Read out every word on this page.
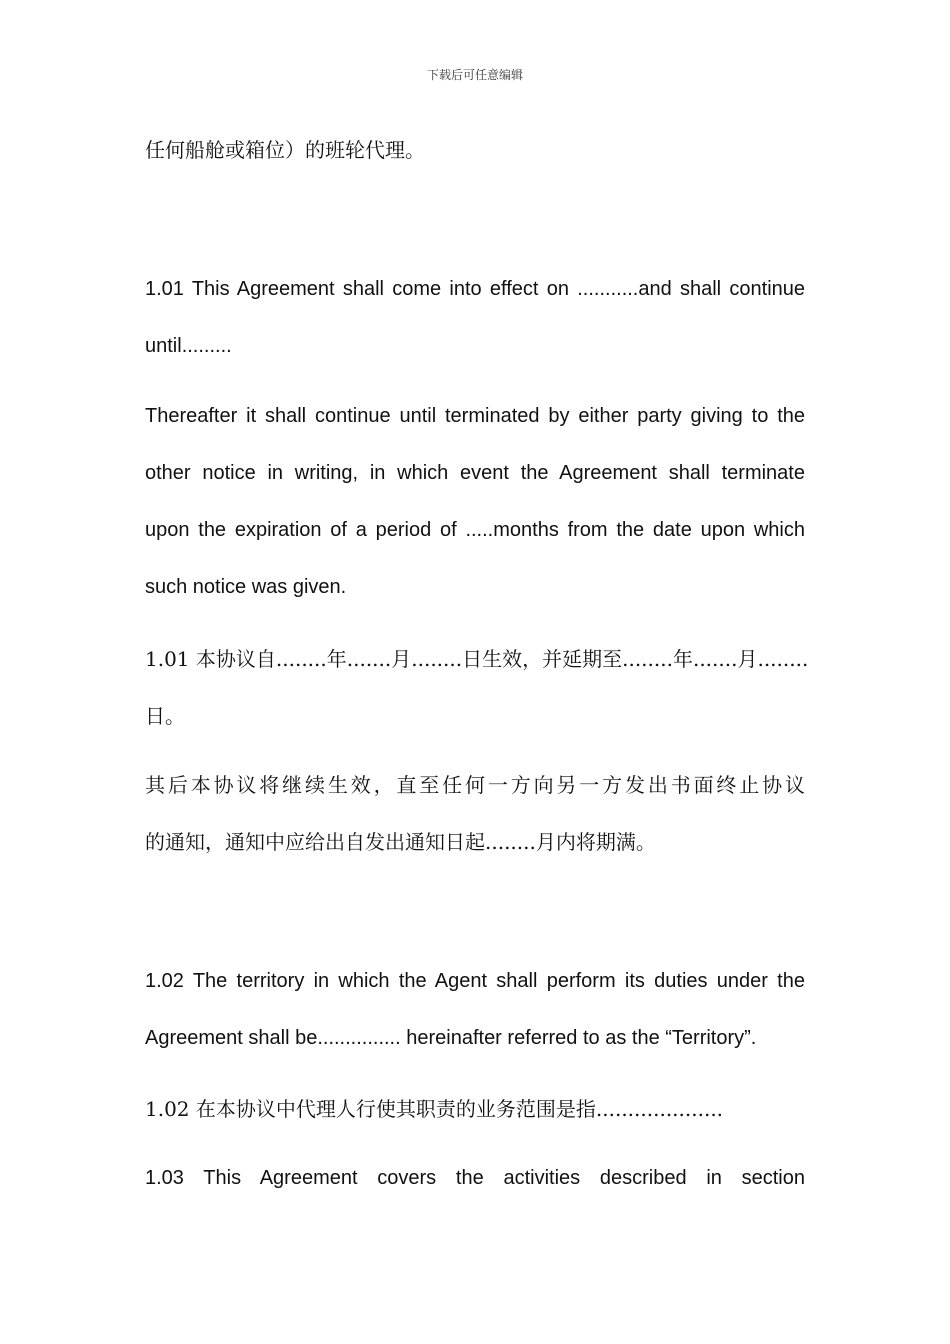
下载后可任意编辑
任何船舱或箱位）的班轮代理。
1.01 This Agreement shall come into effect on ...........and shall continue
until.........
Thereafter it shall continue until terminated by either party giving to the
other notice in writing, in which event the Agreement shall terminate
upon the expiration of a period of .....months from the date upon which
such notice was given.
1.01 本协议自........年.......月........日生效，并延期至........年.......月........
日。
其后本协议将继续生效，直至任何一方向另一方发出书面终止协议
的通知，通知中应给出自发出通知日起........月内将期满。
1.02 The territory in which the Agent shall perform its duties under the
Agreement shall be............... hereinafter referred to as the “Territory”.
1.02 在本协议中代理人行使其职责的业务范围是指....................
1.03 This Agreement covers the activities described in section
